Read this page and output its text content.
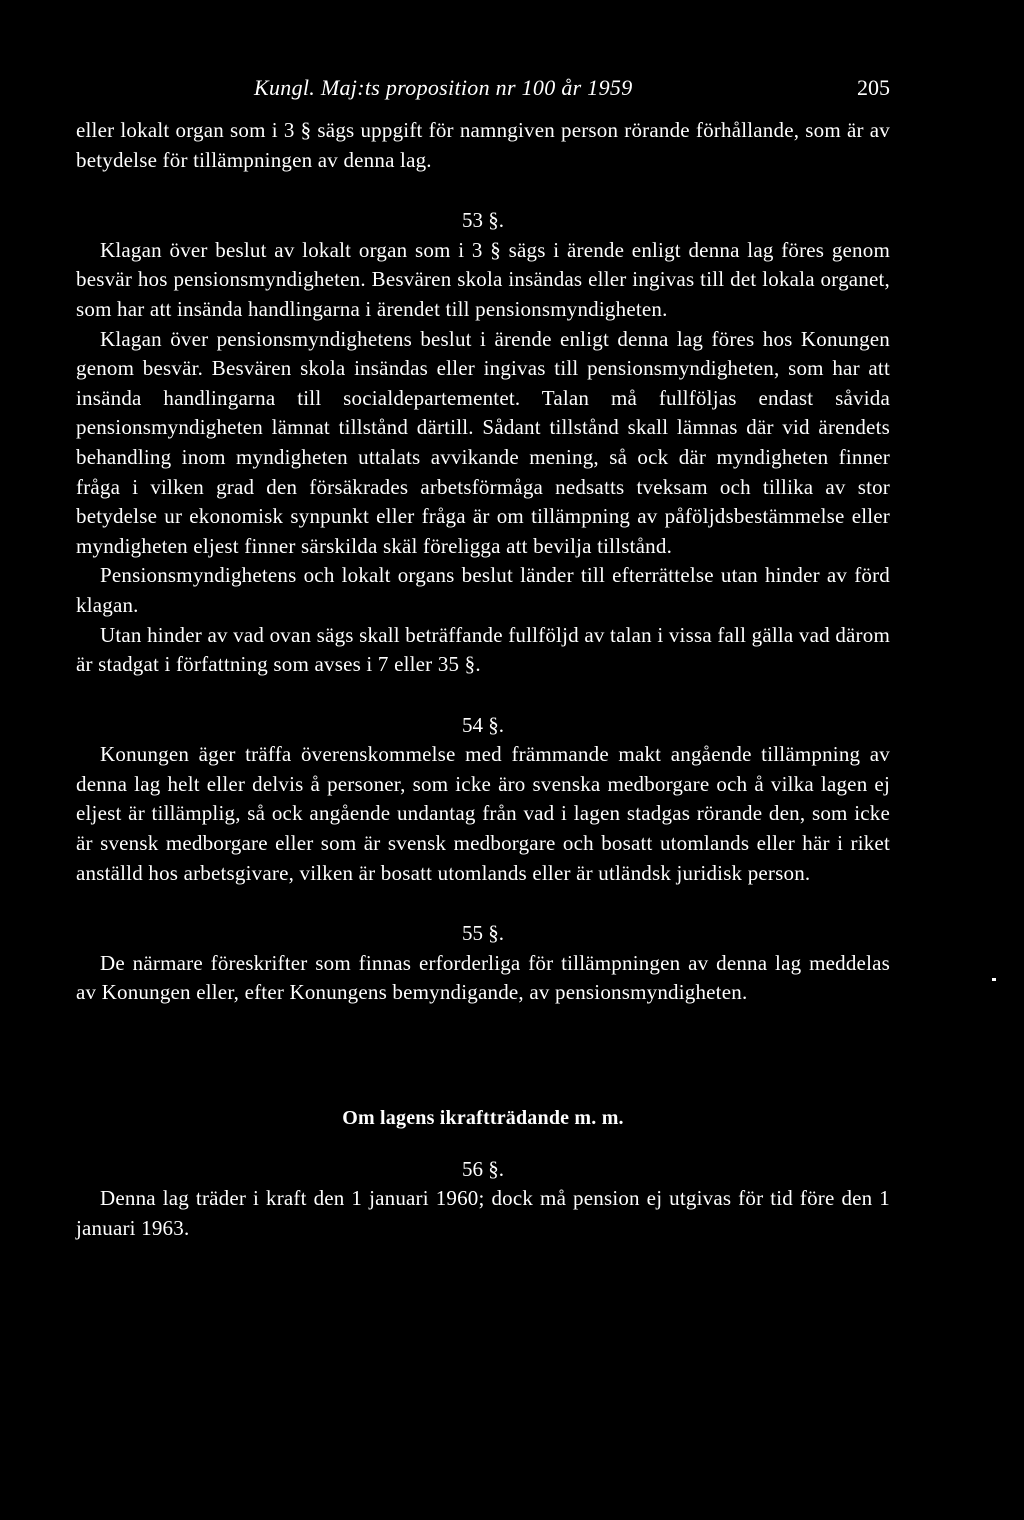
Kungl. Maj:ts proposition nr 100 år 1959	205

eller lokalt organ som i 3 § sägs uppgift för namngiven person rörande förhållande, som är av betydelse för tillämpningen av denna lag.

53 §.

Klagan över beslut av lokalt organ som i 3 § sägs i ärende enligt denna lag föres genom besvär hos pensionsmyndigheten. Besvären skola insändas eller ingivas till det lokala organet, som har att insända handlingarna i ärendet till pensionsmyndigheten.

Klagan över pensionsmyndighetens beslut i ärende enligt denna lag föres hos Konungen genom besvär. Besvären skola insändas eller ingivas till pensionsmyndigheten, som har att insända handlingarna till socialdepartementet. Talan må fullföljas endast såvida pensionsmyndigheten lämnat tillstånd därtill. Sådant tillstånd skall lämnas där vid ärendets behandling inom myndigheten uttalats avvikande mening, så ock där myndigheten finner fråga i vilken grad den försäkrades arbetsförmåga nedsatts tveksam och tillika av stor betydelse ur ekonomisk synpunkt eller fråga är om tillämpning av påföljdsbestämmelse eller myndigheten eljest finner särskilda skäl föreligga att bevilja tillstånd.

Pensionsmyndighetens och lokalt organs beslut länder till efterrättelse utan hinder av förd klagan.

Utan hinder av vad ovan sägs skall beträffande fullföljd av talan i vissa fall gälla vad därom är stadgat i författning som avses i 7 eller 35 §.

54 §.

Konungen äger träffa överenskommelse med främmande makt angående tillämpning av denna lag helt eller delvis å personer, som icke äro svenska medborgare och å vilka lagen ej eljest är tillämplig, så ock angående undantag från vad i lagen stadgas rörande den, som icke är svensk medborgare eller som är svensk medborgare och bosatt utomlands eller här i riket anställd hos arbetsgivare, vilken är bosatt utomlands eller är utländsk juridisk person.

55 §.

De närmare föreskrifter som finnas erforderliga för tillämpningen av denna lag meddelas av Konungen eller, efter Konungens bemyndigande, av pensionsmyndigheten.

Om lagens ikraftträdande m. m.
56 §.

Denna lag träder i kraft den 1 januari 1960; dock må pension ej utgivas för tid före den 1 januari 1963.
